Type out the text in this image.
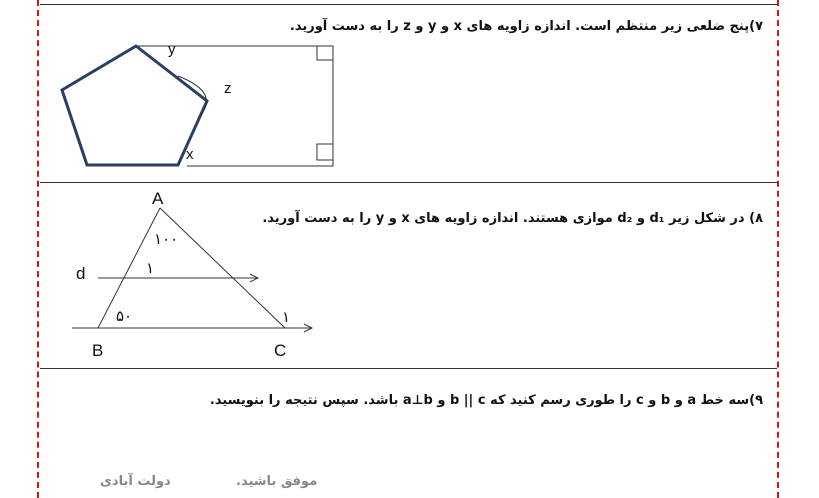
۷)پنج ضلعی زیر منتظم است. اندازه زاویه های x و y و z را به دست آورید.
y
z
x
۸) در شکل زیر d₁ و d₂ موازی هستند. اندازه زاویه های x و y را به دست آورید.
A
B	C
d
۱۰۰
۱
۵۰	۱
۹)سه خط a و b و c را طوری رسم کنید که b || c و a⊥b باشد. سپس نتیجه را بنویسید.
دولت آبادی	موفق باشید.
